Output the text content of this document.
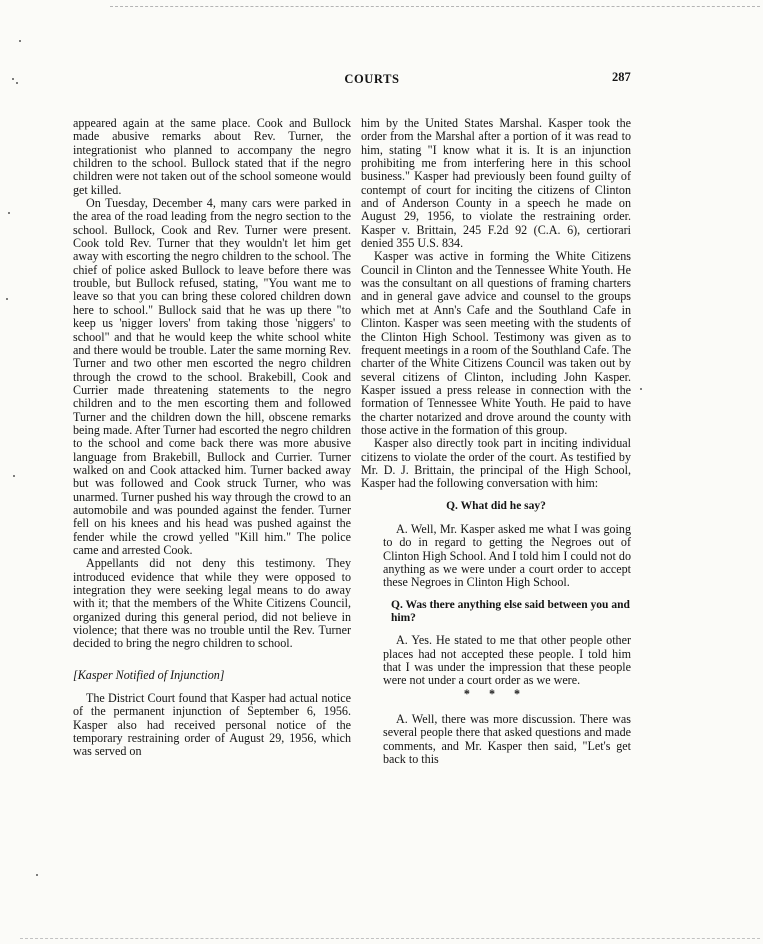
COURTS	287

appeared again at the same place. Cook and Bullock made abusive remarks about Rev. Turner, the integrationist who planned to accompany the negro children to the school. Bullock stated that if the negro children were not taken out of the school someone would get killed.

On Tuesday, December 4, many cars were parked in the area of the road leading from the negro section to the school. Bullock, Cook and Rev. Turner were present. Cook told Rev. Turner that they wouldn't let him get away with escorting the negro children to the school. The chief of police asked Bullock to leave before there was trouble, but Bullock refused, stating, "You want me to leave so that you can bring these colored children down here to school." Bullock said that he was up there "to keep us 'nigger lovers' from taking those 'niggers' to school" and that he would keep the white school white and there would be trouble. Later the same morning Rev. Turner and two other men escorted the negro children through the crowd to the school. Brakebill, Cook and Currier made threatening statements to the negro children and to the men escorting them and followed Turner and the children down the hill, obscene remarks being made. After Turner had escorted the negro children to the school and come back there was more abusive language from Brakebill, Bullock and Currier. Turner walked on and Cook attacked him. Turner backed away but was followed and Cook struck Turner, who was unarmed. Turner pushed his way through the crowd to an automobile and was pounded against the fender. Turner fell on his knees and his head was pushed against the fender while the crowd yelled "Kill him." The police came and arrested Cook.

Appellants did not deny this testimony. They introduced evidence that while they were opposed to integration they were seeking legal means to do away with it; that the members of the White Citizens Council, organized during this general period, did not believe in violence; that there was no trouble until the Rev. Turner decided to bring the negro children to school.

[Kasper Notified of Injunction]

The District Court found that Kasper had actual notice of the permanent injunction of September 6, 1956. Kasper also had received personal notice of the temporary restraining order of August 29, 1956, which was served on

him by the United States Marshal. Kasper took the order from the Marshal after a portion of it was read to him, stating "I know what it is. It is an injunction prohibiting me from interfering here in this school business." Kasper had previously been found guilty of contempt of court for inciting the citizens of Clinton and of Anderson County in a speech he made on August 29, 1956, to violate the restraining order. Kasper v. Brittain, 245 F.2d 92 (C.A. 6), certiorari denied 355 U.S. 834.

Kasper was active in forming the White Citizens Council in Clinton and the Tennessee White Youth. He was the consultant on all questions of framing charters and in general gave advice and counsel to the groups which met at Ann's Cafe and the Southland Cafe in Clinton. Kasper was seen meeting with the students of the Clinton High School. Testimony was given as to frequent meetings in a room of the Southland Cafe. The charter of the White Citizens Council was taken out by several citizens of Clinton, including John Kasper. Kasper issued a press release in connection with the formation of Tennessee White Youth. He paid to have the charter notarized and drove around the county with those active in the formation of this group.

Kasper also directly took part in inciting individual citizens to violate the order of the court. As testified by Mr. D. J. Brittain, the principal of the High School, Kasper had the following conversation with him:

Q. What did he say?

A. Well, Mr. Kasper asked me what I was going to do in regard to getting the Negroes out of Clinton High School. And I told him I could not do anything as we were under a court order to accept these Negroes in Clinton High School.

Q. Was there anything else said between you and him?

A. Yes. He stated to me that other people other places had not accepted these people. I told him that I was under the impression that these people were not under a court order as we were.

* * *

A. Well, there was more discussion. There was several people there that asked questions and made comments, and Mr. Kasper then said, "Let's get back to this
